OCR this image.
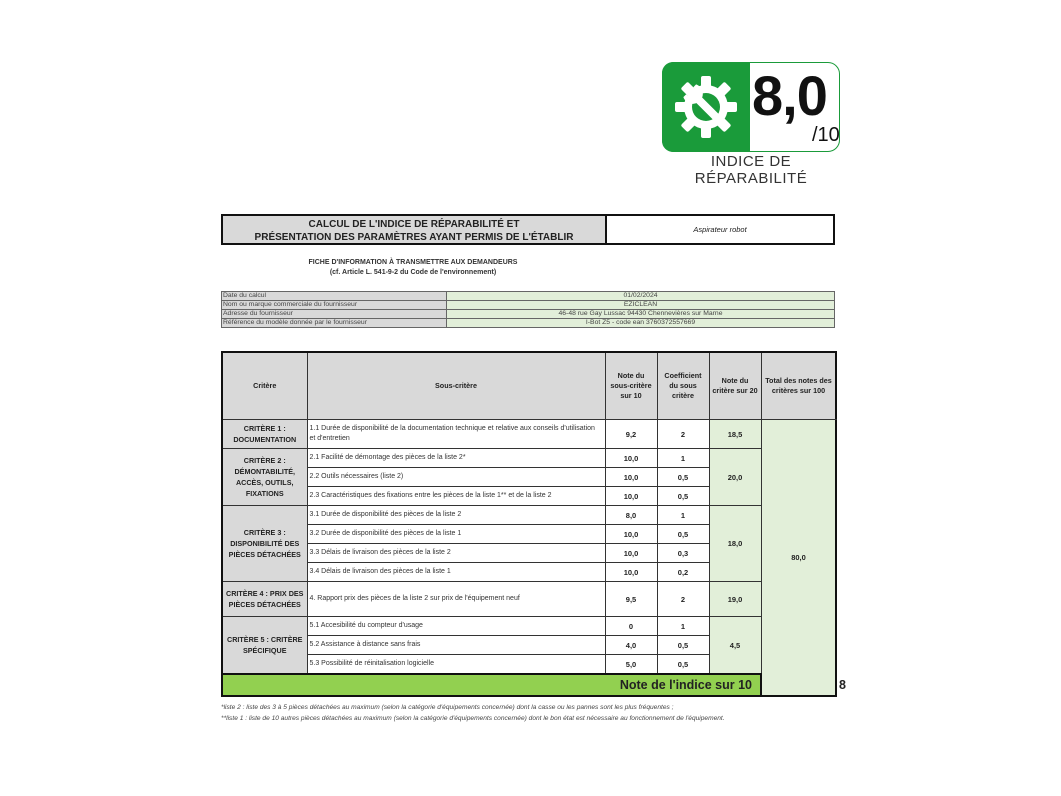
8,0
/10
INDICE DE RÉPARABILITÉ
CALCUL DE L'INDICE DE RÉPARABILITÉ ET
PRÉSENTATION DES PARAMÈTRES AYANT PERMIS DE L'ÉTABLIR
Aspirateur robot
FICHE D'INFORMATION À TRANSMETTRE AUX DEMANDEURS
(cf. Article L. 541-9-2 du Code de l'environnement)
Date du calcul	01/02/2024
Nom ou marque commerciale du fournisseur	EZICLEAN
Adresse du fournisseur	46-48 rue Gay Lussac 94430 Chennevières sur Marne
Référence du modèle donnée par le fournisseur	I-Bot Z5 - code ean 3760372557669
Critère	Sous-critère	Note du sous-critère sur 10	Coefficient du sous critère	Note du critère sur 20	Total des notes des critères sur 100	
CRITÈRE 1 : DOCUMENTATION	1.1 Durée de disponibilité de la documentation technique et relative aux conseils d'utilisation et d'entretien	9,2	2	18,5	80,0	
CRITÈRE 2 : DÉMONTABILITÉ, ACCÈS, OUTILS, FIXATIONS	2.1 Facilité de démontage des pièces de la liste 2*	10,0	1	20,0		
	2.2 Outils nécessaires (liste 2)	10,0	0,5			
	2.3 Caractéristiques des fixations entre les pièces de la liste 1** et de la liste 2	10,0	0,5			
CRITÈRE 3 : DISPONIBILITÉ DES PIÈCES DÉTACHÉES	3.1 Durée de disponibilité des pièces de la liste 2	8,0	1	18,0		
	3.2 Durée de disponibilité des pièces de la liste 1	10,0	0,5			
	3.3 Délais de livraison des pièces de la liste 2	10,0	0,3			
	3.4 Délais de livraison des pièces de la liste 1	10,0	0,2			
CRITÈRE 4 : PRIX DES PIÈCES DÉTACHÉES	4. Rapport prix des pièces de la liste 2 sur prix de l'équipement neuf	9,5	2	19,0		
CRITÈRE 5 : CRITÈRE SPÉCIFIQUE	5.1 Accesibilité du compteur d'usage	0	1	4,5		
	5.2 Assistance à distance sans frais	4,0	0,5			
	5.3 Possibilité de réinitalisation logicielle	5,0	0,5			
Note de l'indice sur 10						8

*liste 2 : liste des 3 à 5 pièces détachées au maximum (selon la catégorie d'équipements concernée) dont la casse ou les pannes sont les plus fréquentes ;

**liste 1 : liste de 10 autres pièces détachées au maximum (selon la catégorie d'équipements concernée) dont le bon état est nécessaire au fonctionnement de l'équipement.
